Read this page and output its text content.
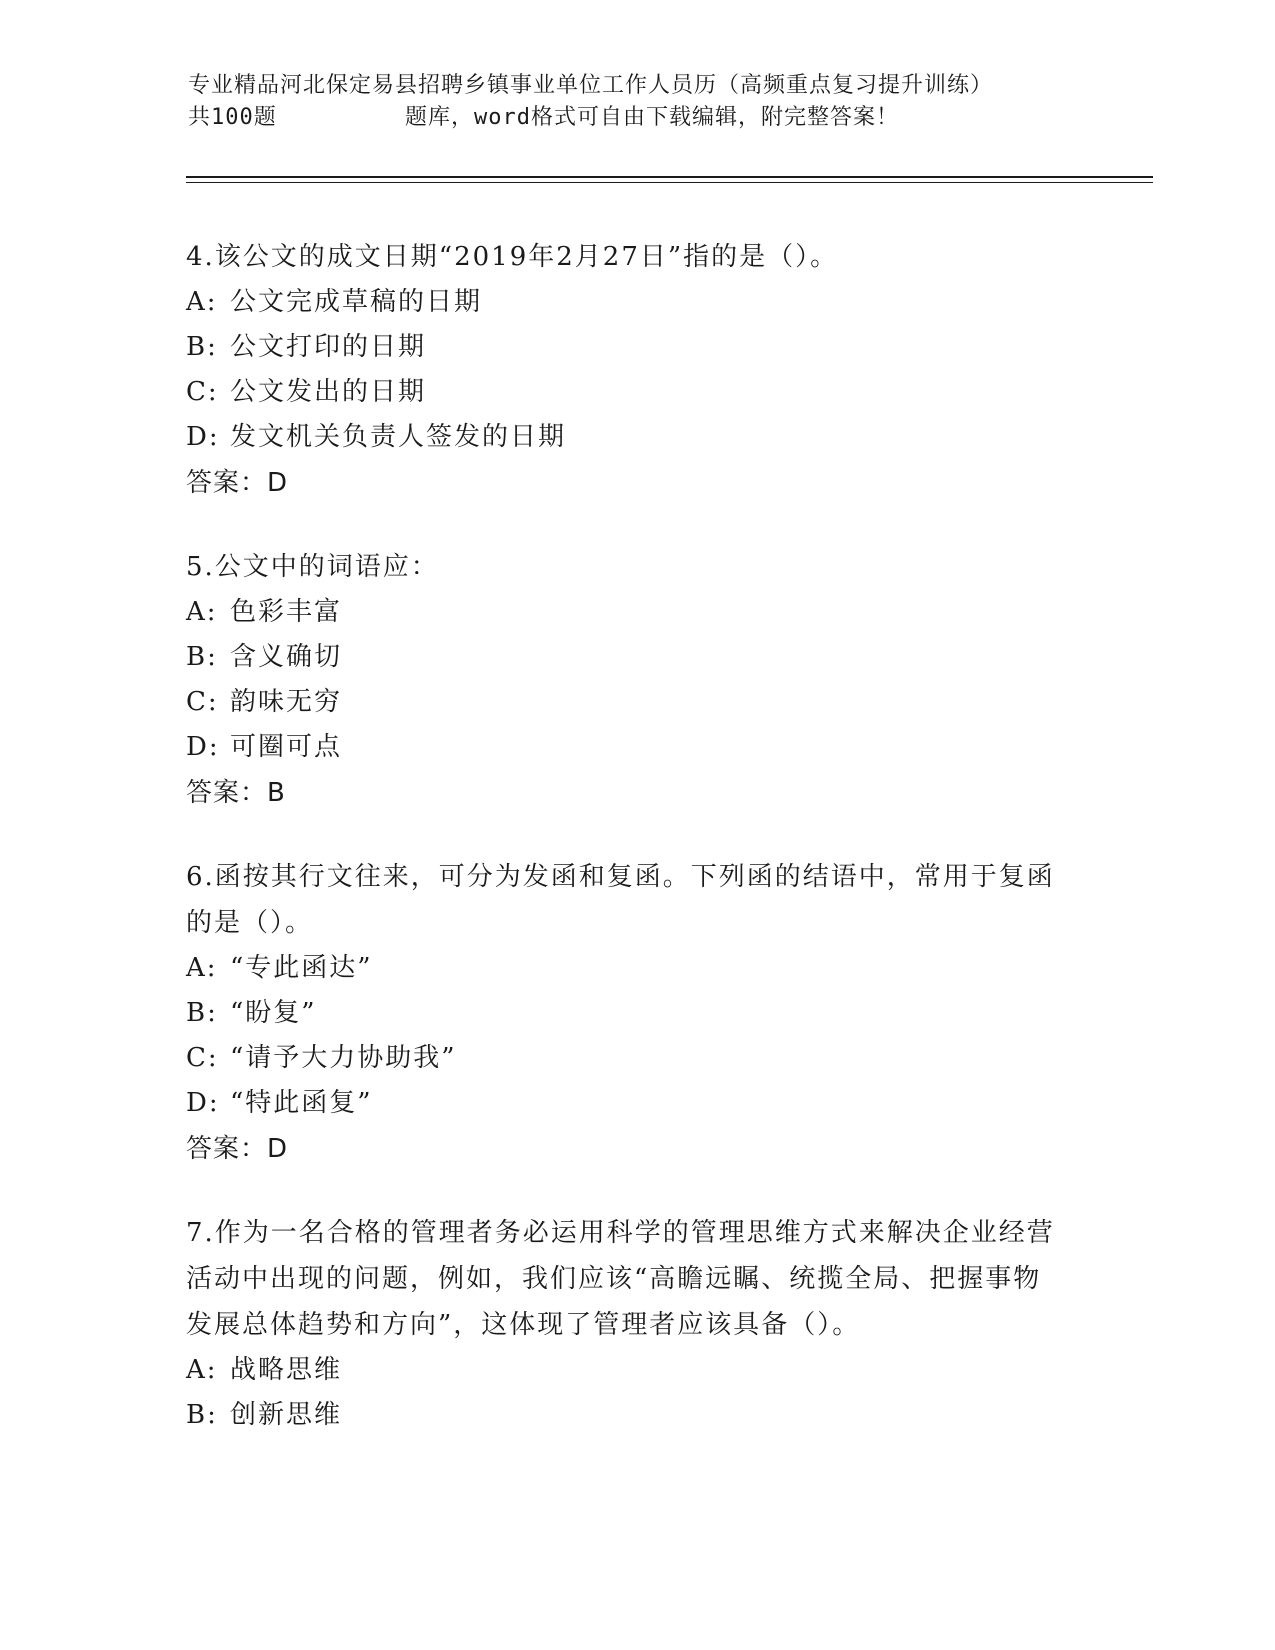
专业精品河北保定易县招聘乡镇事业单位工作人员历（高频重点复习提升训练）
共100题	题库，word格式可自由下载编辑，附完整答案！

4.该公文的成文日期“2019年2月27日”指的是（）。

A: 公文完成草稿的日期

B: 公文打印的日期

C: 公文发出的日期

D: 发文机关负责人签发的日期

答案：D

5.公文中的词语应：

A: 色彩丰富

B: 含义确切

C: 韵味无穷

D: 可圈可点

答案：B

6.函按其行文往来，可分为发函和复函。下列函的结语中，常用于复函的是（）。

A: “专此函达”

B: “盼复”

C: “请予大力协助我”

D: “特此函复”

答案：D

7.作为一名合格的管理者务必运用科学的管理思维方式来解决企业经营活动中出现的问题，例如，我们应该“高瞻远瞩、统揽全局、把握事物发展总体趋势和方向”，这体现了管理者应该具备（）。

A: 战略思维

B: 创新思维
